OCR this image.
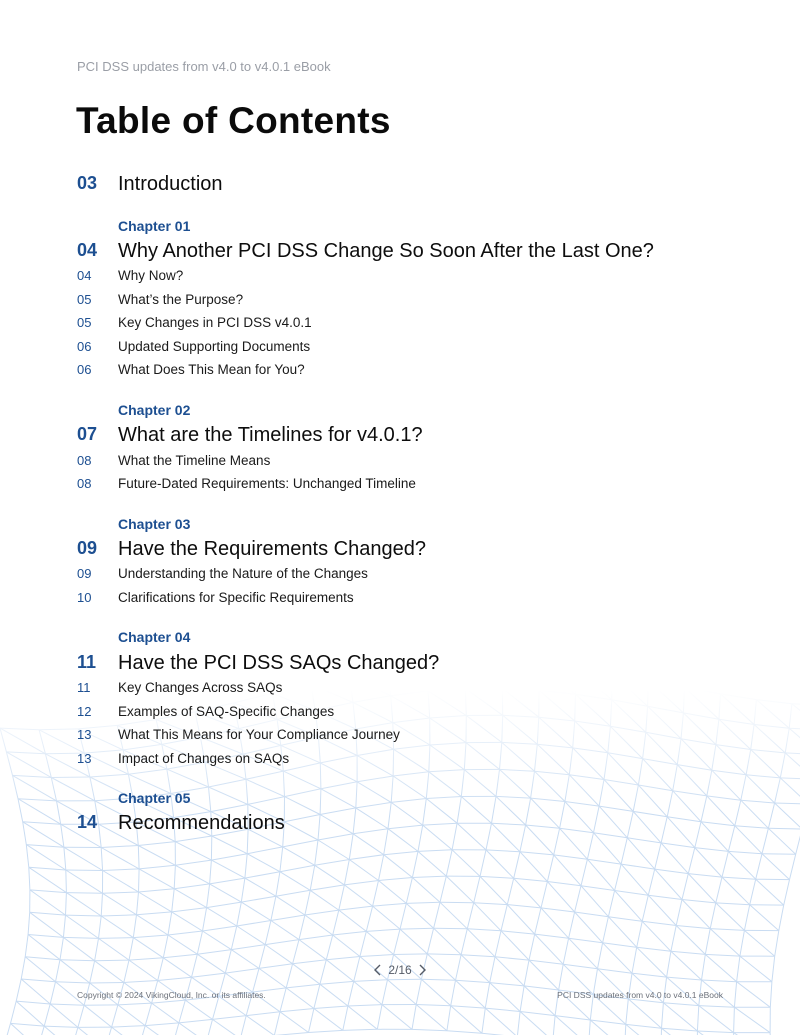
PCI DSS updates from v4.0 to v4.0.1 eBook
Table of Contents
03 Introduction
Chapter 01
04 Why Another PCI DSS Change So Soon After the Last One?
04 Why Now?
05 What’s the Purpose?
05 Key Changes in PCI DSS v4.0.1
06 Updated Supporting Documents
06 What Does This Mean for You?
Chapter 02
07 What are the Timelines for v4.0.1?
08 What the Timeline Means
08 Future-Dated Requirements: Unchanged Timeline
Chapter 03
09 Have the Requirements Changed?
09 Understanding the Nature of the Changes
10 Clarifications for Specific Requirements
Chapter 04
11 Have the PCI DSS SAQs Changed?
11 Key Changes Across SAQs
12 Examples of SAQ-Specific Changes
13 What This Means for Your Compliance Journey
13 Impact of Changes on SAQs
Chapter 05
14 Recommendations
2/16
Copyright © 2024 VikingCloud, Inc. or its affiliates.	PCI DSS updates from v4.0 to v4.0.1 eBook
